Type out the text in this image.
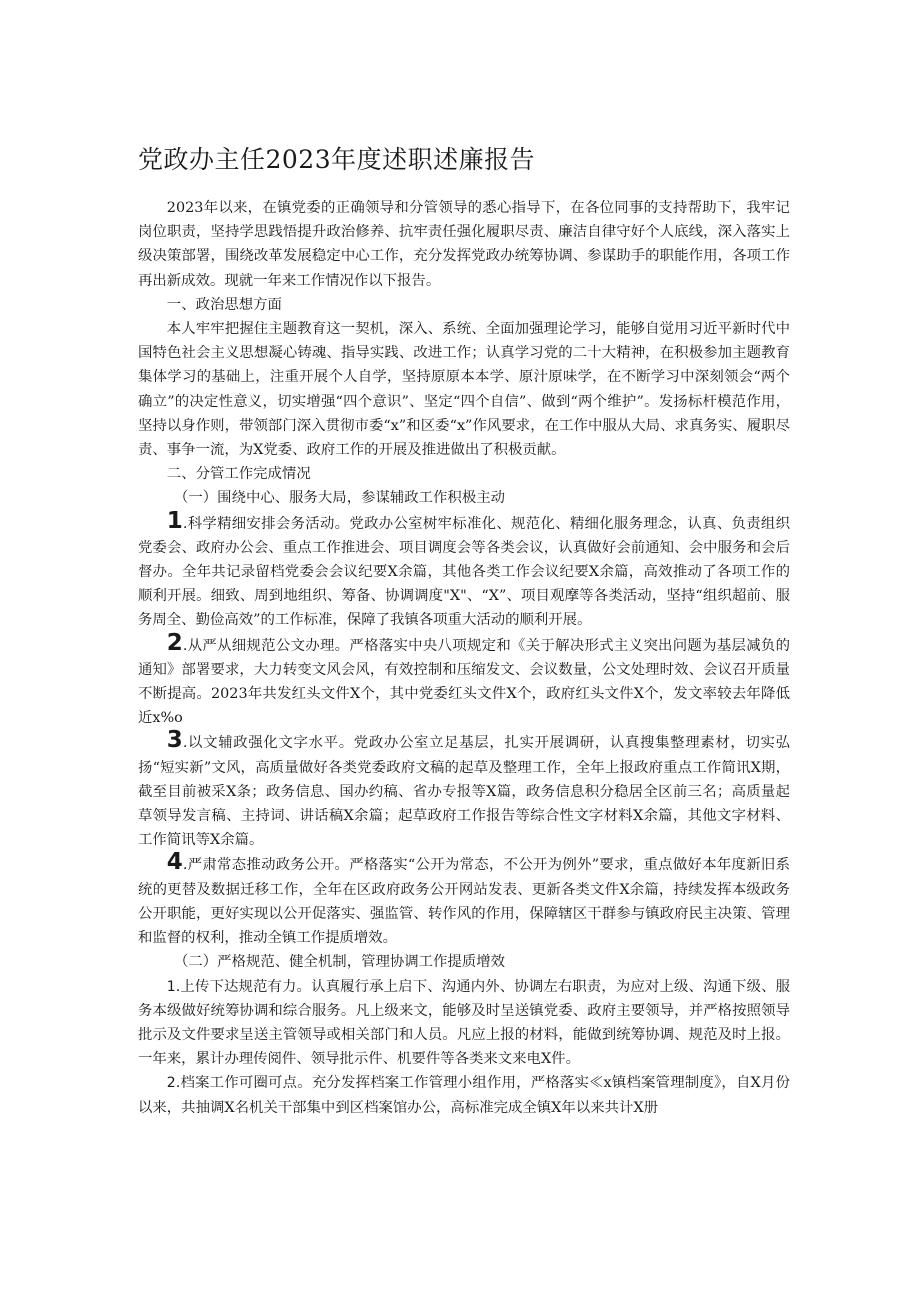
党政办主任2023年度述职述廉报告

2023年以来，在镇党委的正确领导和分管领导的悉心指导下，在各位同事的支持帮助下，我牢记岗位职责，坚持学思践悟提升政治修养、抗牢责任强化履职尽责、廉洁自律守好个人底线，深入落实上级决策部署，围绕改革发展稳定中心工作，充分发挥党政办统筹协调、参谋助手的职能作用，各项工作再出新成效。现就一年来工作情况作以下报告。

一、政治思想方面

本人牢牢把握住主题教育这一契机，深入、系统、全面加强理论学习，能够自觉用习近平新时代中国特色社会主义思想凝心铸魂、指导实践、改进工作；认真学习党的二十大精神，在积极参加主题教育集体学习的基础上，注重开展个人自学，坚持原原本本学、原汁原味学，在不断学习中深刻领会“两个确立”的决定性意义，切实增强“四个意识”、坚定“四个自信”、做到“两个维护”。发扬标杆模范作用，坚持以身作则，带领部门深入贯彻市委“x”和区委“x”作风要求，在工作中服从大局、求真务实、履职尽责、事争一流，为X党委、政府工作的开展及推进做出了积极贡献。

二、分管工作完成情况

（一）围绕中心、服务大局，参谋辅政工作积极主动

1.科学精细安排会务活动。党政办公室树牢标准化、规范化、精细化服务理念，认真、负责组织党委会、政府办公会、重点工作推进会、项目调度会等各类会议，认真做好会前通知、会中服务和会后督办。全年共记录留档党委会会议纪要X余篇，其他各类工作会议纪要X余篇，高效推动了各项工作的顺利开展。细致、周到地组织、筹备、协调调度"X"、“X”、项目观摩等各类活动，坚持“组织超前、服务周全、勤俭高效”的工作标准，保障了我镇各项重大活动的顺利开展。

2.从严从细规范公文办理。严格落实中央八项规定和《关于解决形式主义突出问题为基层减负的通知》部署要求，大力转变文风会风，有效控制和压缩发文、会议数量，公文处理时效、会议召开质量不断提高。2023年共发红头文件X个，其中党委红头文件X个，政府红头文件X个，发文率较去年降低近x%o

3.以文辅政强化文字水平。党政办公室立足基层，扎实开展调研，认真搜集整理素材，切实弘扬“短实新”文风，高质量做好各类党委政府文稿的起草及整理工作，全年上报政府重点工作简讯X期，截至目前被采X条；政务信息、国办约稿、省办专报等X篇，政务信息积分稳居全区前三名；高质量起草领导发言稿、主持词、讲话稿X余篇；起草政府工作报告等综合性文字材料X余篇，其他文字材料、工作简讯等X余篇。

4.严肃常态推动政务公开。严格落实“公开为常态，不公开为例外”要求，重点做好本年度新旧系统的更替及数据迁移工作，全年在区政府政务公开网站发表、更新各类文件X余篇，持续发挥本级政务公开职能，更好实现以公开促落实、强监管、转作风的作用，保障辖区干群参与镇政府民主决策、管理和监督的权利，推动全镇工作提质增效。

（二）严格规范、健全机制，管理协调工作提质增效

1.上传下达规范有力。认真履行承上启下、沟通内外、协调左右职责，为应对上级、沟通下级、服务本级做好统筹协调和综合服务。凡上级来文，能够及时呈送镇党委、政府主要领导，并严格按照领导批示及文件要求呈送主管领导或相关部门和人员。凡应上报的材料，能做到统筹协调、规范及时上报。一年来，累计办理传阅件、领导批示件、机要件等各类来文来电X件。

2.档案工作可圈可点。充分发挥档案工作管理小组作用，严格落实≪x镇档案管理制度》，自X月份以来，共抽调X名机关干部集中到区档案馆办公，高标准完成全镇X年以来共计X册
